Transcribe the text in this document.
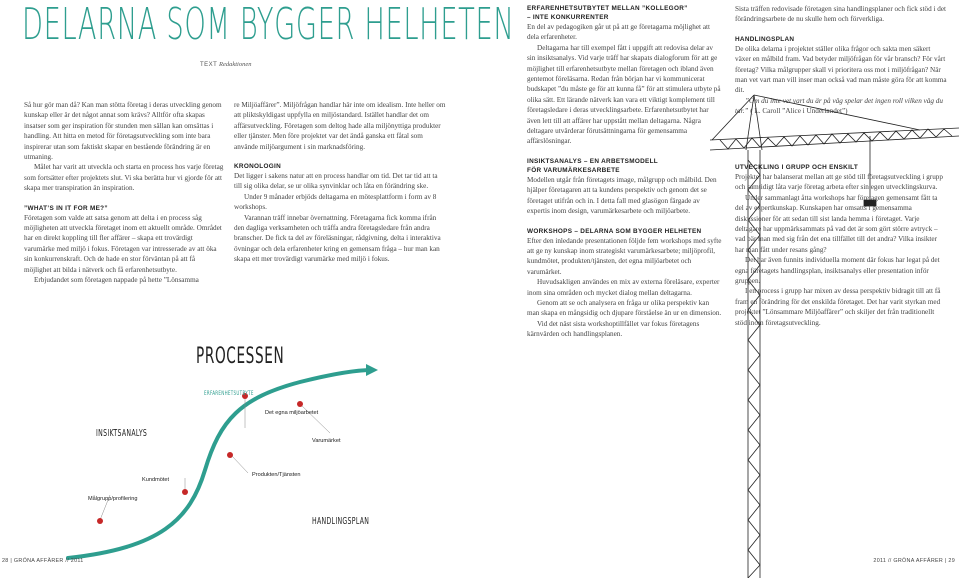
DELARNA SOM BYGGER HELHETEN
TEXT Redaktionen

Så hur gör man då? Kan man stötta företag i deras utveckling genom kunskap eller är det något annat som krävs? Alltför ofta skapas insatser som ger inspiration för stunden men sällan kan omsättas i handling. Att hitta en metod för företagsutveckling som inte bara inspirerar utan som faktiskt skapar en bestående förändring är en utmaning.

Målet har varit att utveckla och starta en process hos varje företag som fortsätter efter projektets slut. Vi ska berätta hur vi gjorde för att skapa mer transpiration än inspiration.

”WHAT’S IN IT FOR ME?”

Företagen som valde att satsa genom att delta i en process såg möjligheten att utveckla företaget inom ett aktuellt område. Området har en direkt koppling till fler affärer – skapa ett trovärdigt varumärke med miljö i fokus. Företagen var intresserade av att öka sin konkurrenskraft. Och de hade en stor förväntan på att få möjlighet att bilda i nätverk och få erfarenhetsutbyte.

Erbjudandet som företagen nappade på hette ”Lönsamma

re Miljöaffärer”. Miljöfrågan handlar här inte om idealism. Inte heller om att pliktskyldigast uppfylla en miljöstandard. Istället handlar det om affärsutveckling. Företagen som deltog hade alla miljönyttiga produkter eller tjänster. Men före projektet var det ändå ganska ett fåtal som använde miljöargument i sin marknadsföring.

KRONOLOGIN

Det ligger i sakens natur att en process handlar om tid. Det tar tid att ta till sig olika delar, se ur olika synvinklar och låta en förändring ske.

Under 9 månader erbjöds deltagarna en mötesplattform i form av 8 workshops.

Varannan träff innebar övernattning. Företagarna fick komma ifrån den dagliga verksamheten och träffa andra företagsledare från andra branscher. De fick ta del av föreläsningar, rådgivning, delta i interaktiva övningar och dela erfarenheter kring en gemensam fråga – hur man kan skapa ett mer trovärdigt varumärke med miljö i fokus.

PROCESSEN
ERFARENHETSUTBYTE
INSIKTSANALYS
HANDLINGSPLAN
Det egna miljöarbetet
Varumärket
Produkten/Tjänsten
Kundmötet
Målgrupp/profilering
ERFARENHETSUTBYTET MELLAN ”KOLLEGOR”
– INTE KONKURRENTER

En del av pedagogiken går ut på att ge företagarna möjlighet att dela erfarenheter.

Deltagarna har till exempel fått i uppgift att redovisa delar av sin insiktsanalys. Vid varje träff har skapats dialogforum för att ge möjlighet till erfarenhetsutbyte mellan företagen och ibland även gentemot föreläsarna. Redan från början har vi kommunicerat budskapet ”du måste ge för att kunna få” för att stimulera utbyte på olika sätt. Ett lärande nätverk kan vara ett viktigt komplement till företagsledare i deras utvecklingsarbete. Erfarenhetsutbytet har även lett till att affärer har uppstått mellan deltagarna. Några deltagare utvärderar förutsättningarna för gemensamma affärslösningar.

INSIKTSANALYS – EN ARBETSMODELL
FÖR VARUMÄRKESARBETE

Modellen utgår från företagets image, målgrupp och målbild. Den hjälper företagaren att ta kundens perspektiv och genom det se företaget utifrån och in. I detta fall med glasögon färgade av expertis inom design, varumärkesarbete och miljöarbete.

WORKSHOPS – DELARNA SOM BYGGER HELHETEN

Efter den inledande presentationen följde fem workshops med syfte att ge ny kunskap inom strategiskt varumärkesarbete; miljöprofil, kundmötet, produkten/tjänsten, det egna miljöarbetet och varumärket.

Huvudsakligen användes en mix av externa föreläsare, experter inom sina områden och mycket dialog mellan deltagarna.

Genom att se och analysera en fråga ur olika perspektiv kan man skapa en mångsidig och djupare förståelse än ur en dimension.

Vid det näst sista workshoptillfället var fokus företagens kärnvärden och handlingsplanen.

Sista träffen redovisade företagen sina handlingsplaner och fick stöd i det förändringsarbete de nu skulle hem och förverkliga.

HANDLINGSPLAN

De olika delarna i projektet ställer olika frågor och sakta men säkert växer en målbild fram. Vad betyder miljöfrågan för vår bransch? För vårt företag? Vilka målgrupper skall vi prioritera oss mot i miljöfrågan? När man vet vart man vill inser man också vad man måste göra för att komma dit.

”Om du inte vet vart du är på väg spelar det ingen roll vilken väg du tar.” ( L. Caroll ”Alice i Underlandet”)

UTVECKLING I GRUPP OCH ENSKILT

Projektet har balanserat mellan att ge stöd till företagsutveckling i grupp och samtidigt låta varje företag arbeta efter sin egen utvecklingskurva.

Under sammanlagt åtta workshops har företagen gemensamt fått ta del av expertkunskap. Kunskapen har omsatts i gemensamma diskussioner för att sedan till sist landa hemma i företaget. Varje deltagare har uppmärksammats på vad det är som gört större avtryck – vad bär man med sig från det ena tillfället till det andra? Vilka insikter har man fått under resans gång?

Det har även funnits individuella moment där fokus har legat på det egna företagets handlingsplan, insiktsanalys eller presentation inför gruppen.

I en process i grupp har mixen av dessa perspektiv bidragit till att få fram en förändring för det enskilda företaget. Det har varit styrkan med projektet ”Lönsammare Miljöaffärer” och skiljer det från traditionellt stöd inom företagsutveckling.

28 | GRÖNA AFFÄRER // 2011	2011 // GRÖNA AFFÄRER | 29
